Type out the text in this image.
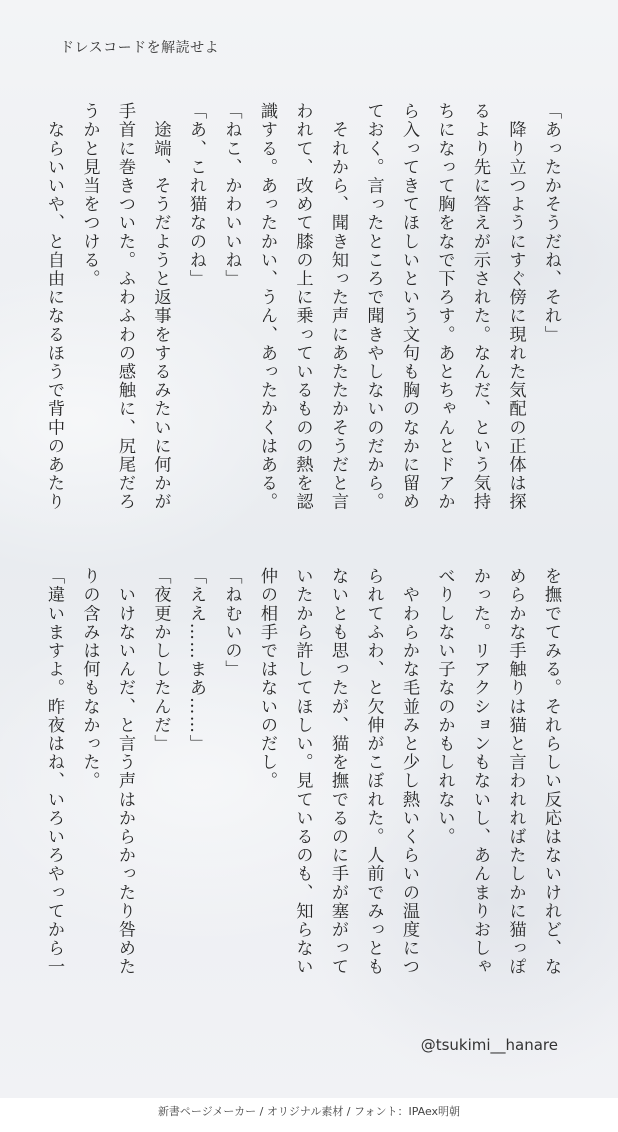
ドレスコードを解読せよ

「あったかそうだね、それ」

　降り立つようにすぐ傍に現れた気配の正体は探

るより先に答えが示された。なんだ、という気持

ちになって胸をなで下ろす。あとちゃんとドアか

ら入ってきてほしいという文句も胸のなかに留め

ておく。言ったところで聞きやしないのだから。

　それから、聞き知った声にあたたかそうだと言

われて、改めて膝の上に乗っているものの熱を認

識する。あったかい、うん、あったかくはある。

「ねこ、かわいいね」

「あ、これ猫なのね」

　途端、そうだようと返事をするみたいに何かが

手首に巻きついた。ふわふわの感触に、尻尾だろ

うかと見当をつける。

　ならいいや、と自由になるほうで背中のあたり

を撫でてみる。それらしい反応はないけれど、な

めらかな手触りは猫と言われればたしかに猫っぽ

かった。リアクションもないし、あんまりおしゃ

べりしない子なのかもしれない。

　やわらかな毛並みと少し熱いくらいの温度につ

られてふわ、と欠伸がこぼれた。人前でみっとも

ないとも思ったが、猫を撫でるのに手が塞がって

いたから許してほしい。見ているのも、知らない

仲の相手ではないのだし。

「ねむいの」

「ええ……まあ……」

「夜更かししたんだ」

　いけないんだ、と言う声はからかったり咎めた

りの含みは何もなかった。

「違いますよ。昨夜はね、いろいろやってから一

@tsukimi__hanare
新書ページメーカー / オリジナル素材 / フォント：IPAex明朝
